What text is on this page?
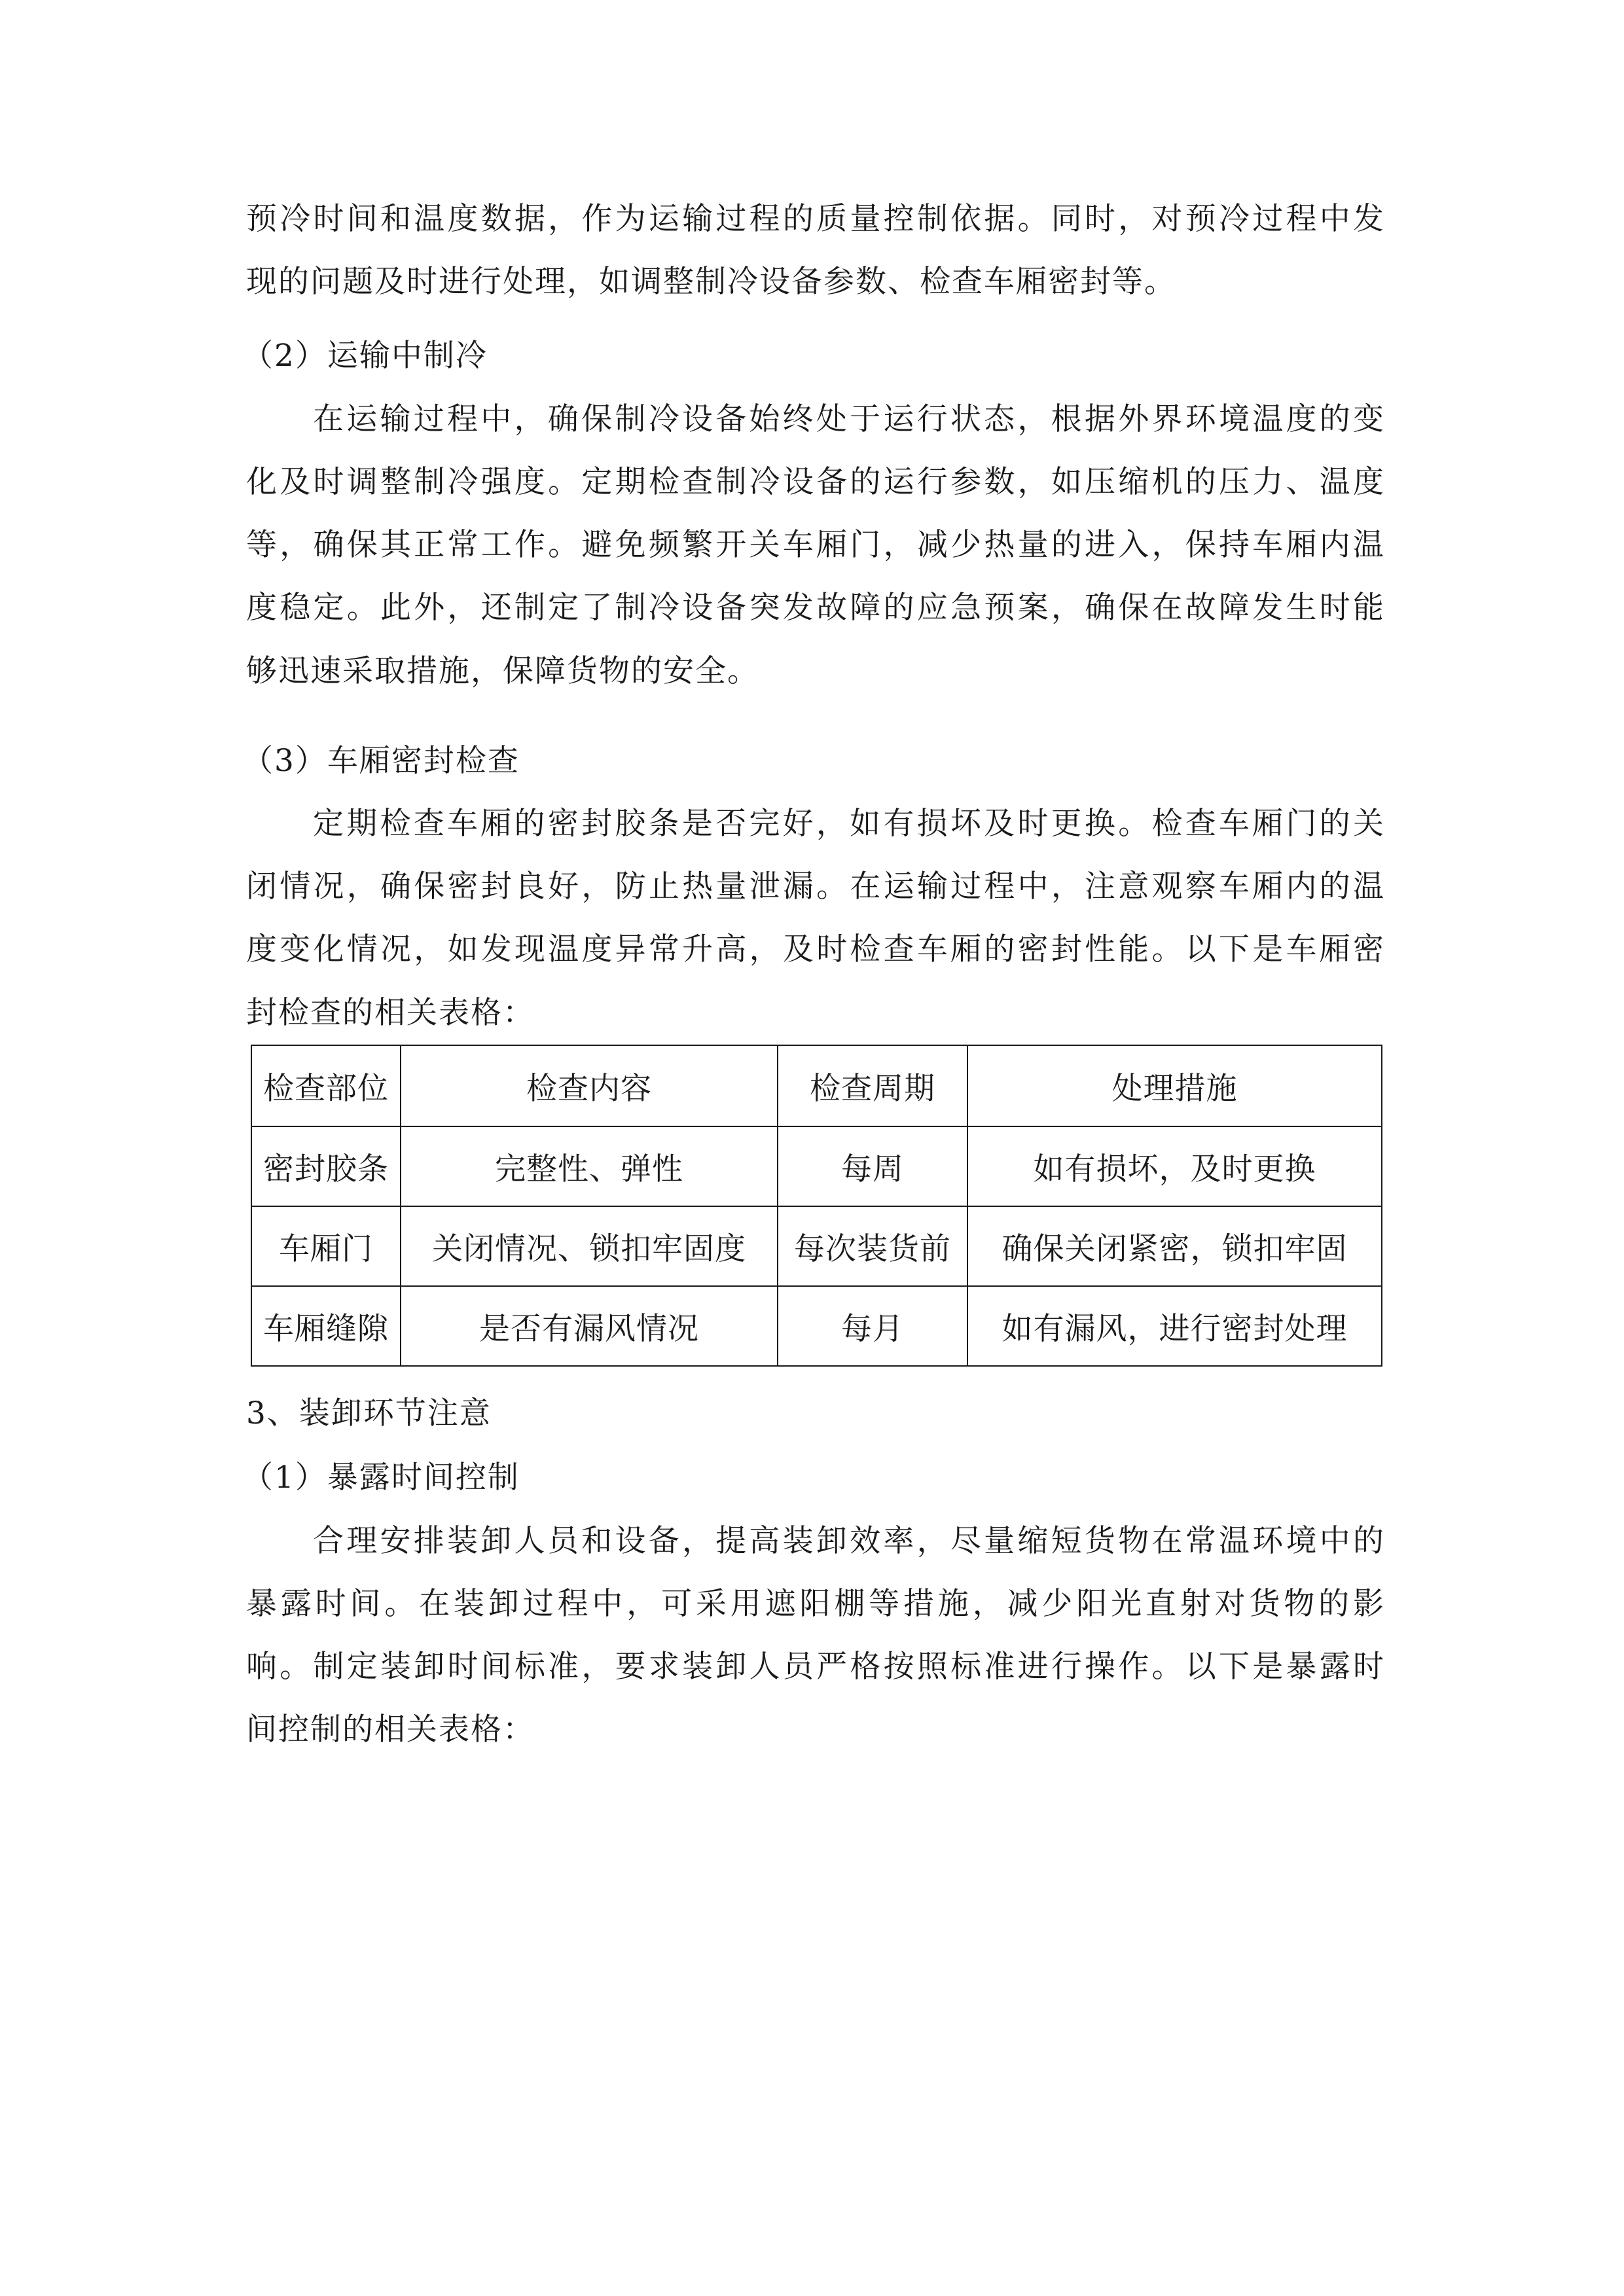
预冷时间和温度数据，作为运输过程的质量控制依据。同时，对预冷过程中发
现的问题及时进行处理，如调整制冷设备参数、检查车厢密封等。
（2）运输中制冷
在运输过程中，确保制冷设备始终处于运行状态，根据外界环境温度的变
化及时调整制冷强度。定期检查制冷设备的运行参数，如压缩机的压力、温度
等，确保其正常工作。避免频繁开关车厢门，减少热量的进入，保持车厢内温
度稳定。此外，还制定了制冷设备突发故障的应急预案，确保在故障发生时能
够迅速采取措施，保障货物的安全。
（3）车厢密封检查
定期检查车厢的密封胶条是否完好，如有损坏及时更换。检查车厢门的关
闭情况，确保密封良好，防止热量泄漏。在运输过程中，注意观察车厢内的温
度变化情况，如发现温度异常升高，及时检查车厢的密封性能。以下是车厢密
封检查的相关表格：
检查部位	检查内容	检查周期	处理措施
密封胶条	完整性、弹性	每周	如有损坏，及时更换
车厢门	关闭情况、锁扣牢固度	每次装货前	确保关闭紧密，锁扣牢固
车厢缝隙	是否有漏风情况	每月	如有漏风，进行密封处理
3、装卸环节注意
（1）暴露时间控制
合理安排装卸人员和设备，提高装卸效率，尽量缩短货物在常温环境中的
暴露时间。在装卸过程中，可采用遮阳棚等措施，减少阳光直射对货物的影
响。制定装卸时间标准，要求装卸人员严格按照标准进行操作。以下是暴露时
间控制的相关表格：
